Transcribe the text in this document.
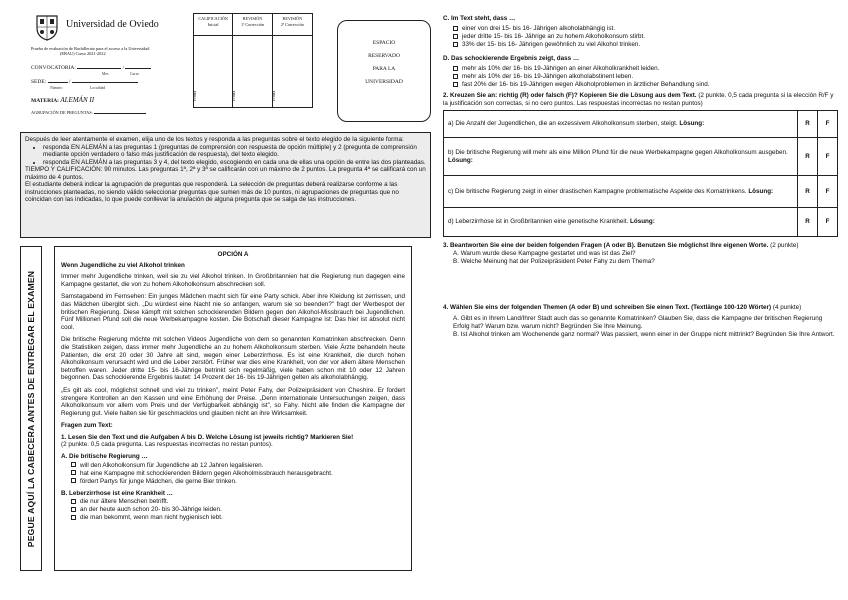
Universidad de Oviedo
Prueba de evaluación de Bachillerato para el acceso a la Universidad
(EBAU) Curso 2021-2022
CONVOCATORIA:	/
Mes	Curso
SEDE:	/
Número	Localidad
MATERIA: ALEMÁN II
AGRUPACIÓN DE PREGUNTAS:
CALIFICACIÓN
Inicial
Firma
REVISIÓN
1ª Corrección
Firma
REVISIÓN
2ª Corrección
Firma
ESPACIO
RESERVADO
PARA LA
UNIVERSIDAD
Después de leer atentamente el examen, elija uno de los textos y responda a las preguntas sobre el texto elegido de la siguiente forma:
• responda EN ALEMÁN a las preguntas 1 (preguntas de comprensión con respuesta de opción múltiple) y 2 (pregunta de comprensión mediante opción verdadero o falso más justificación de respuesta), del texto elegido.
• responda EN ALEMÁN a las preguntas 3 y 4, del texto elegido, escogiendo en cada una de ellas una opción de entre las dos planteadas.
TIEMPO Y CALIFICACIÓN: 90 minutos. Las preguntas 1ª, 2ª y 3ª se calificarán con un máximo de 2 puntos. La pregunta 4ª se calificará con un máximo de 4 puntos.
El estudiante deberá indicar la agrupación de preguntas que responderá. La selección de preguntas deberá realizarse conforme a las instrucciones planteadas, no siendo válido seleccionar preguntas que sumen más de 10 puntos, ni agrupaciones de preguntas que no coincidan con las indicadas, lo que puede conllevar la anulación de alguna pregunta que se salga de las instrucciones.
PEGUE AQUÍ LA CABECERA ANTES DE ENTREGAR EL EXAMEN
OPCIÓN A
Wenn Jugendliche zu viel Alkohol trinken

Immer mehr Jugendliche trinken, weil sie zu viel Alkohol trinken. In Großbritannien hat die Regierung nun dagegen eine Kampagne gestartet, die von zu hohem Alkoholkonsum abschrecken soll.

Samstagabend im Fernsehen: Ein junges Mädchen macht sich für eine Party schick. Aber ihre Kleidung ist zerrissen, und das Mädchen übergibt sich. „Du würdest eine Nacht nie so anfangen, warum sie so beenden?" fragt der Werbespot der britischen Regierung. Diese kämpft mit solchen schockierenden Bildern gegen den Alkohol-Missbrauch bei Jugendlichen. Fünf Millionen Pfund soll die neue Werbekampagne kosten. Die Botschaft dieser Kampagne ist: Das hier ist absolut nicht cool.

Die britische Regierung möchte mit solchen Videos Jugendliche von dem so genannten Komatrinken abschrecken. Denn die Statistiken zeigen, dass immer mehr Jugendliche an zu hohem Alkoholkonsum sterben. Viele Ärzte behandeln heute Patienten, die erst 20 oder 30 Jahre alt sind, wegen einer Leberzirrhose. Es ist eine Krankheit, die durch hohen Alkoholkonsum verursacht wird und die Leber zerstört. Früher war dies eine Krankheit, von der vor allem ältere Menschen betroffen waren. Jeder dritte 15- bis 16-Jährige betrinkt sich regelmäßig, viele haben schon mit 10 oder 12 Jahren begonnen. Das schockierende Ergebnis lautet: 14 Prozent der 16- bis 19-Jährigen gelten als alkoholabhängig.

„Es gilt als cool, möglichst schnell und viel zu trinken", meint Peter Fahy, der Polizeipräsident von Cheshire. Er fordert strengere Kontrollen an den Kassen und eine Erhöhung der Preise. „Denn internationale Untersuchungen zeigen, dass Alkoholkonsum vor allem vom Preis und der Verfügbarkeit abhängig ist", so Fahy. Nicht alle finden die Kampagne der Regierung gut. Viele halten sie für geschmacklos und glauben nicht an ihre Wirksamkeit.

Fragen zum Text:
1. Lesen Sie den Text und die Aufgaben A bis D. Welche Lösung ist jeweils richtig? Markieren Sie!
(2 punkte. 0,5 cada pregunta. Las respuestas incorrectas no restan puntos).
A. Die britische Regierung …
will den Alkoholkonsum für Jugendliche ab 12 Jahren legalisieren.
hat eine Kampagne mit schockierenden Bildern gegen Alkoholmissbrauch herausgebracht.
fördert Partys für junge Mädchen, die gerne Bier trinken.
B. Leberzirrhose ist eine Krankheit …
die nur ältere Menschen betrifft.
an der heute auch schon 20- bis 30-Jährige leiden.
die man bekommt, wenn man nicht hygienisch lebt.
C. Im Text steht, dass …
einer von drei 15- bis 16- Jährigen alkoholabhängig ist.
jeder dritte 15- bis 16- Jährige an zu hohem Alkoholkonsum stirbt.
33% der 15- bis 16- Jährigen gewöhnlich zu viel Alkohol trinken.
D. Das schockierende Ergebnis zeigt, dass …
mehr als 10% der 16- bis 19-Jährigen an einer Alkoholkrankheit leiden.
mehr als 10% der 16- bis 19-Jährigen alkoholabstinent leben.
fast 20% der 16- bis 19-Jährigen wegen Alkoholproblemen in ärztlicher Behandlung sind.
2. Kreuzen Sie an: richtig (R) oder falsch (F)? Kopieren Sie die Lösung aus dem Text. (2 punkte. 0,5 cada pregunta si la elección R/F y la justificación son correctas, si no cero puntos. Las respuestas incorrectas no restan puntos)
a) Die Anzahl der Jugendlichen, die an exzessivem Alkoholkonsum sterben, steigt. Lösung:	R	F
b) Die britische Regierung will mehr als eine Million Pfund für die neue Werbekampagne gegen Alkoholkonsum ausgeben. Lösung:	R	F
c) Die britische Regierung zeigt in einer drastischen Kampagne problematische Aspekte des Komatrinkens. Lösung:	R	F
d) Leberzirrhose ist in Großbritannien eine genetische Krankheit. Lösung:	R	F
3. Beantworten Sie eine der beiden folgenden Fragen (A oder B). Benutzen Sie möglichst Ihre eigenen Worte. (2 punkte)
A. Warum wurde diese Kampagne gestartet und was ist das Ziel?
B. Welche Meinung hat der Polizeipräsident Peter Fahy zu dem Thema?
4. Wählen Sie eins der folgenden Themen (A oder B) und schreiben Sie einen Text. (Textlänge 100-120 Wörter) (4 punkte)
A. Gibt es in Ihrem Land/Ihrer Stadt auch das so genannte Komatrinken? Glauben Sie, dass die Kampagne der britischen Regierung Erfolg hat? Warum bzw. warum nicht? Begründen Sie Ihre Meinung.
B. Ist Alkohol trinken am Wochenende ganz normal? Was passiert, wenn einer in der Gruppe nicht mittrinkt? Begründen Sie Ihre Antwort.
